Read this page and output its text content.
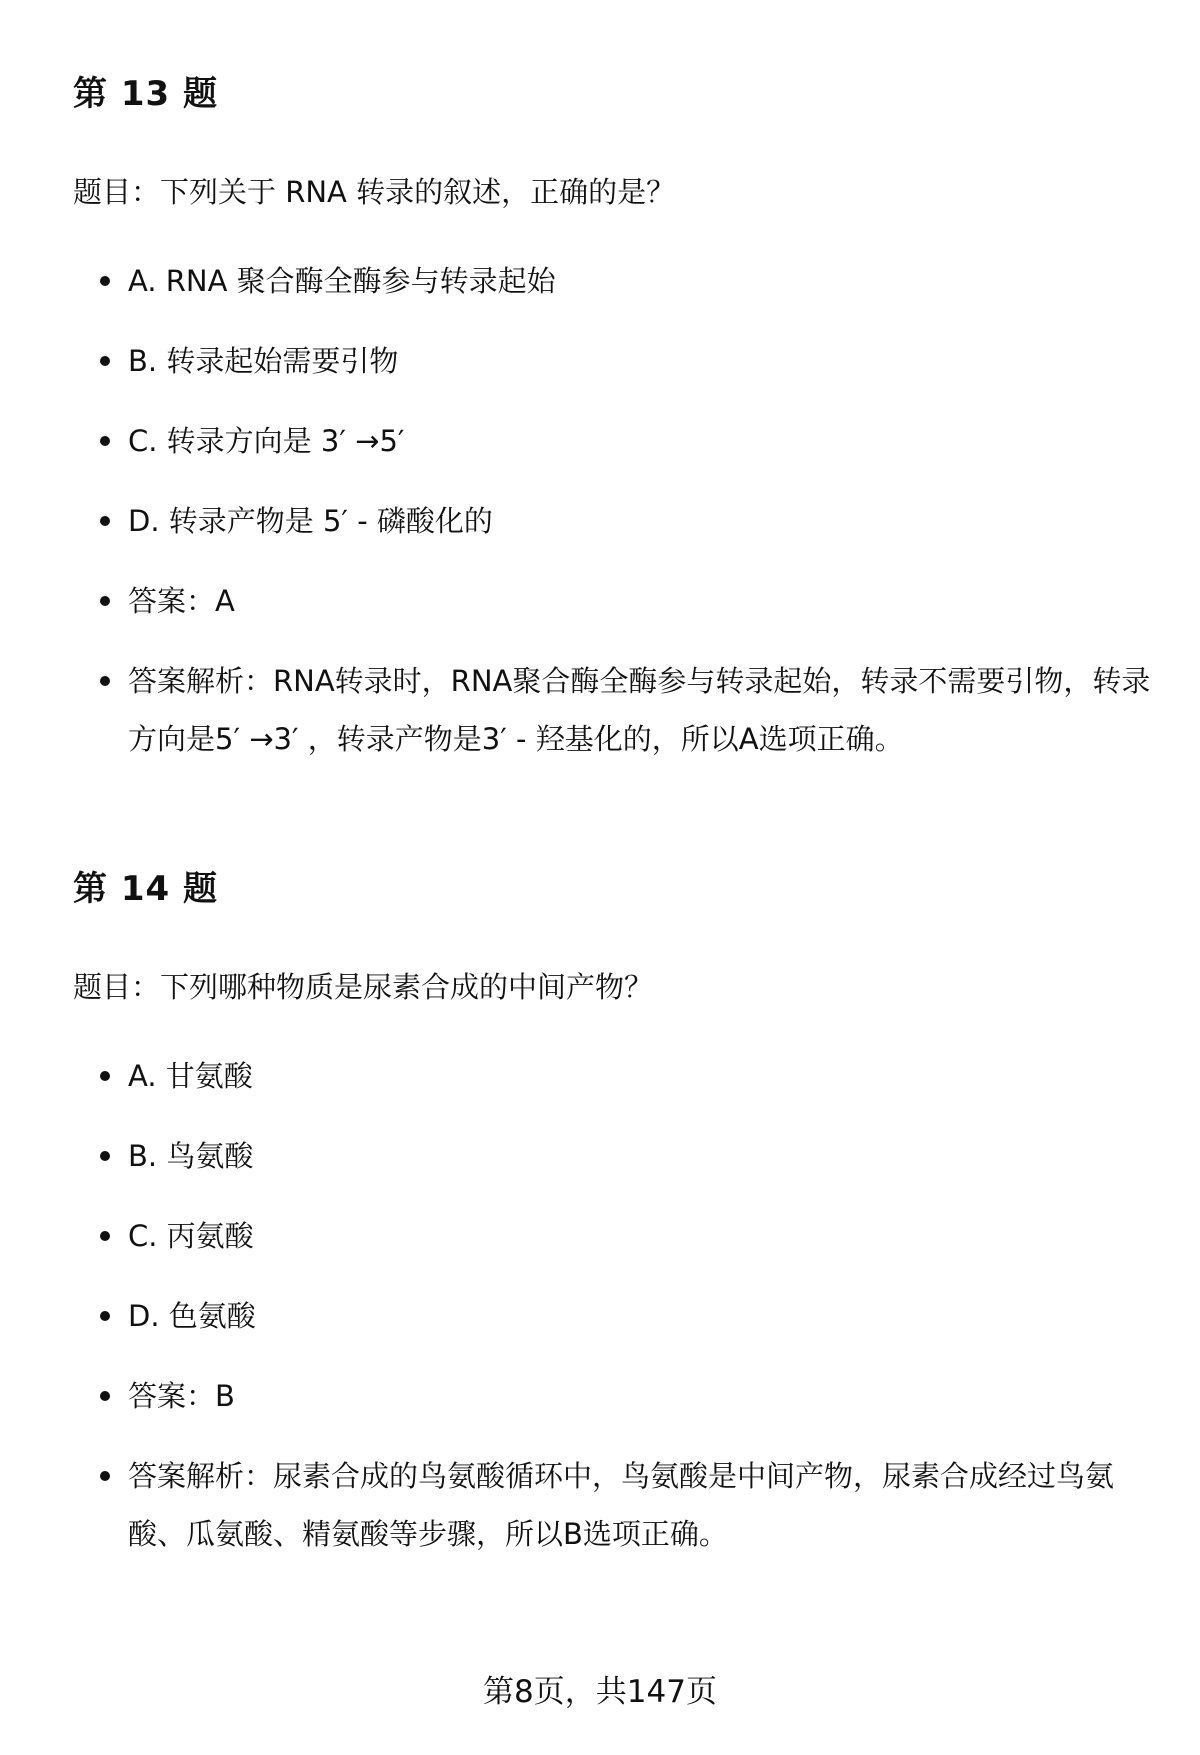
第 13 题

题目：下列关于 RNA 转录的叙述，正确的是？

A. RNA 聚合酶全酶参与转录起始
B. 转录起始需要引物
C. 转录方向是 3′ →5′
D. 转录产物是 5′ - 磷酸化的
答案：A
答案解析：RNA转录时，RNA聚合酶全酶参与转录起始，转录不需要引物，转录方向是5′ →3′ ，转录产物是3′ - 羟基化的，所以A选项正确。
第 14 题

题目：下列哪种物质是尿素合成的中间产物？

A. 甘氨酸
B. 鸟氨酸
C. 丙氨酸
D. 色氨酸
答案：B
答案解析：尿素合成的鸟氨酸循环中，鸟氨酸是中间产物，尿素合成经过鸟氨酸、瓜氨酸、精氨酸等步骤，所以B选项正确。
第8页，共147页
